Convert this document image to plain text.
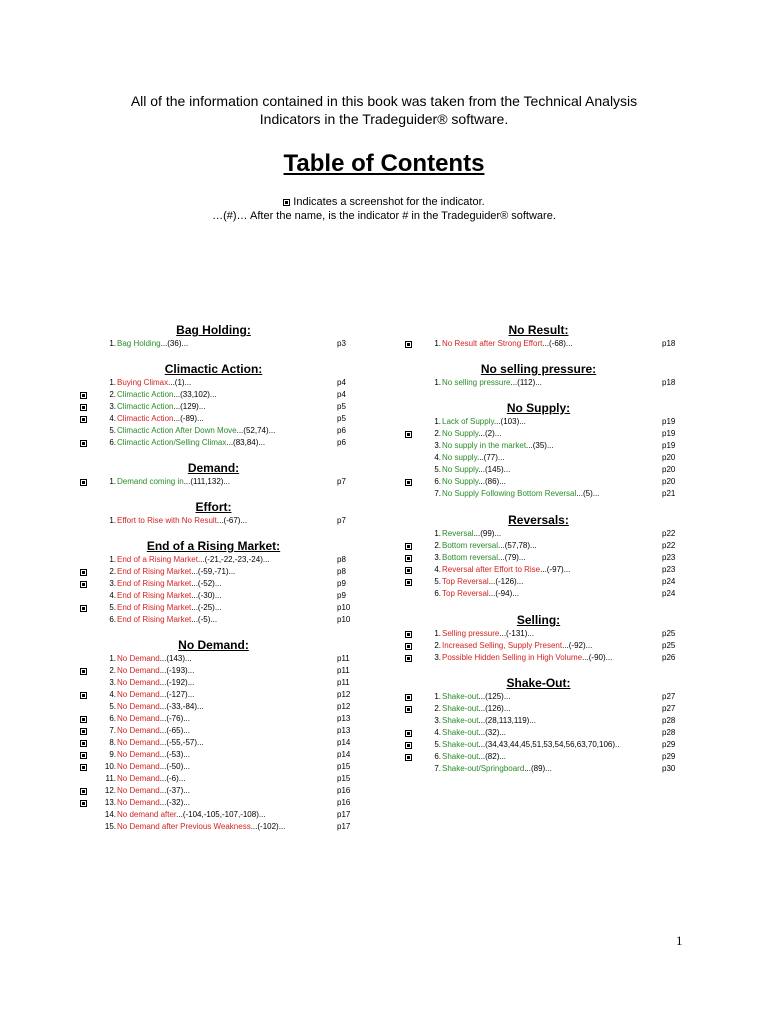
All of the information contained in this book was taken from the Technical Analysis
Indicators in the Tradeguider® software.
Table of Contents
Indicates a screenshot for the indicator.
…(#)… After the name, is the indicator # in the Tradeguider® software.
Bag Holding:
1. Bag Holding...(36)...	p3
Climactic Action:
1. Buying Climax...(1)...	p4
2. Climactic Action...(33,102)...	p4
3. Climactic Action...(129)...	p5
4. Climactic Action...(-89)...	p5
5. Climactic Action After Down Move...(52,74)...	p6
6. Climactic Action/Selling Climax...(83,84)...	p6
Demand:
1. Demand coming in...(111,132)...	p7
Effort:
1. Effort to Rise with No Result...(-67)...	p7
End of a Rising Market:
1. End of a Rising Market...(-21,-22,-23,-24)...	p8
2. End of Rising Market...(-59,-71)...	p8
3. End of Rising Market...(-52)...	p9
4. End of Rising Market...(-30)...	p9
5. End of Rising Market...(-25)...	p10
6. End of Rising Market...(-5)...	p10
No Demand:
1. No Demand...(143)...	p11
2. No Demand...(-193)...	p11
3. No Demand...(-192)...	p11
4. No Demand...(-127)...	p12
5. No Demand...(-33,-84)...	p12
6. No Demand...(-76)...	p13
7. No Demand...(-65)...	p13
8. No Demand...(-55,-57)...	p14
9. No Demand...(-53)...	p14
10. No Demand...(-50)...	p15
11. No Demand...(-6)...	p15
12. No Demand...(-37)...	p16
13. No Demand...(-32)...	p16
14. No demand after...(-104,-105,-107,-108)...	p17
15. No Demand after Previous Weakness...(-102)...	p17
No Result:
1. No Result after Strong Effort...(-68)...	p18
No selling pressure:
1. No selling pressure...(112)...	p18
No Supply:
1. Lack of Supply...(103)...	p19
2. No Supply...(2)...	p19
3. No supply in the market...(35)...	p19
4. No supply...(77)...	p20
5. No Supply...(145)...	p20
6. No Supply...(86)...	p20
7. No Supply Following Bottom Reversal...(5)...	p21
Reversals:
1. Reversal...(99)...	p22
2. Bottom reversal...(57,78)...	p22
3. Bottom reversal...(79)...	p23
4. Reversal after Effort to Rise...(-97)...	p23
5. Top Reversal...(-126)...	p24
6. Top Reversal...(-94)...	p24
Selling:
1. Selling pressure...(-131)...	p25
2. Increased Selling, Supply Present...(-92)...	p25
3. Possible Hidden Selling in High Volume...(-90)...	p26
Shake-Out:
1. Shake-out...(125)...	p27
2. Shake-out...(126)...	p27
3. Shake-out...(28,113,119)...	p28
4. Shake-out...(32)...	p28
5. Shake-out...(34,43,44,45,51,53,54,56,63,70,106)..	p29
6. Shake-out...(82)...	p29
7. Shake-out/Springboard...(89)...	p30
1
